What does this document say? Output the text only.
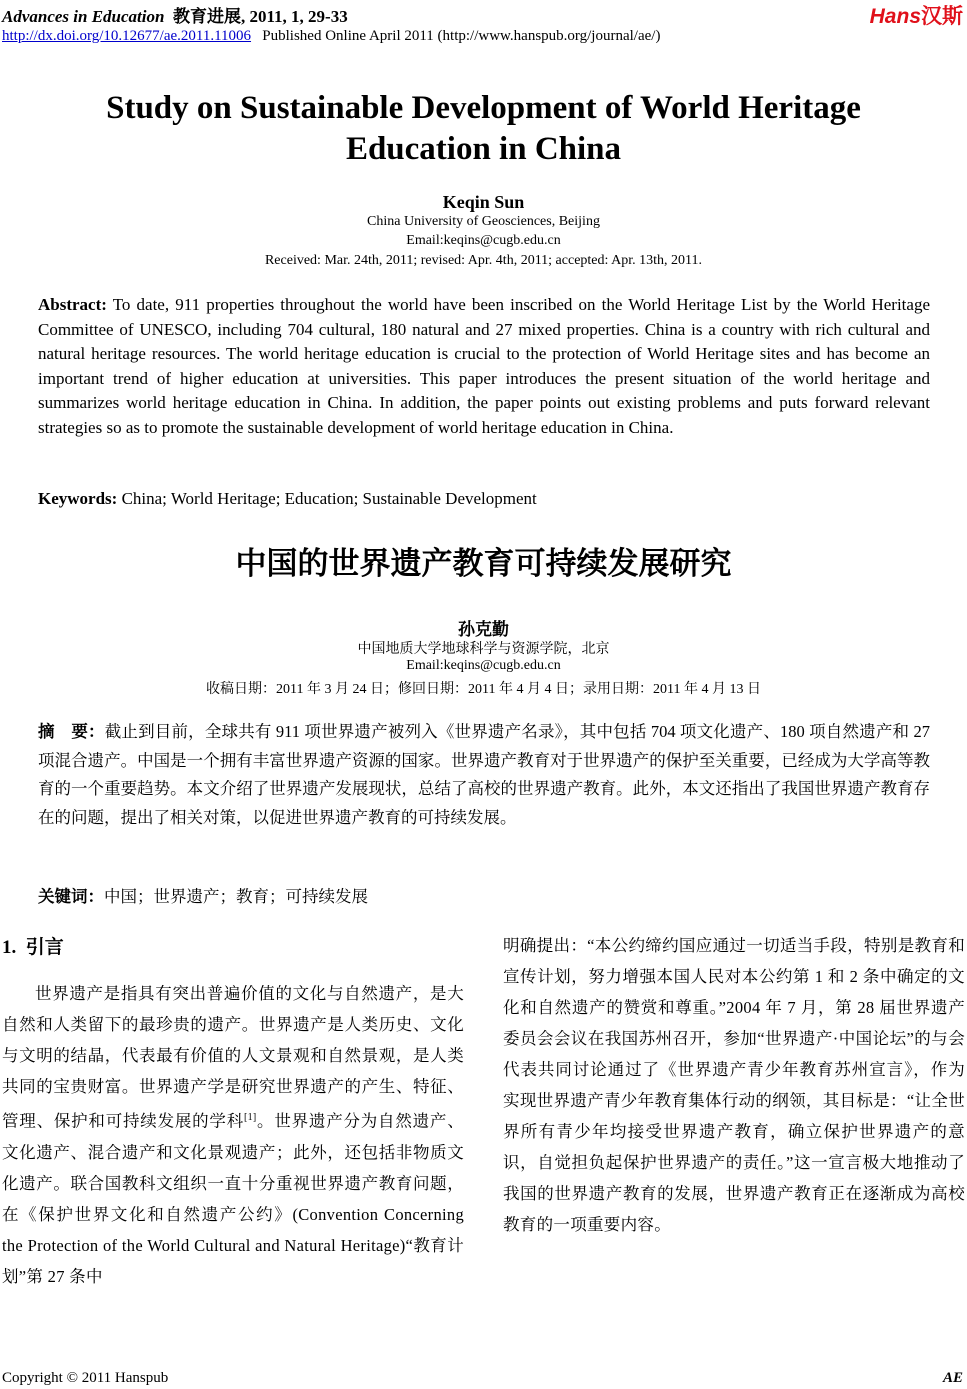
Advances in Education 教育进展, 2011, 1, 29-33
http://dx.doi.org/10.12677/ae.2011.11006 Published Online April 2011 (http://www.hanspub.org/journal/ae/)
Hans汉斯
Study on Sustainable Development of World Heritage
Education in China
Keqin Sun
China University of Geosciences, Beijing
Email:keqins@cugb.edu.cn
Received: Mar. 24th, 2011; revised: Apr. 4th, 2011; accepted: Apr. 13th, 2011.
Abstract: To date, 911 properties throughout the world have been inscribed on the World Heritage List by the World Heritage Committee of UNESCO, including 704 cultural, 180 natural and 27 mixed properties. China is a country with rich cultural and natural heritage resources. The world heritage education is crucial to the protection of World Heritage sites and has become an important trend of higher education at universities. This paper introduces the present situation of the world heritage and summarizes world heritage education in China. In addition, the paper points out existing problems and puts forward relevant strategies so as to promote the sustainable development of world heritage education in China.
Keywords: China; World Heritage; Education; Sustainable Development
中国的世界遗产教育可持续发展研究
孙克勤
中国地质大学地球科学与资源学院，北京
Email:keqins@cugb.edu.cn
收稿日期：2011 年 3 月 24 日；修回日期：2011 年 4 月 4 日；录用日期：2011 年 4 月 13 日
摘　要：截止到目前，全球共有 911 项世界遗产被列入《世界遗产名录》，其中包括 704 项文化遗产、180 项自然遗产和 27 项混合遗产。中国是一个拥有丰富世界遗产资源的国家。世界遗产教育对于世界遗产的保护至关重要，已经成为大学高等教育的一个重要趋势。本文介绍了世界遗产发展现状，总结了高校的世界遗产教育。此外，本文还指出了我国世界遗产教育存在的问题，提出了相关对策，以促进世界遗产教育的可持续发展。
关键词：中国；世界遗产；教育；可持续发展
1. 引言
世界遗产是指具有突出普遍价值的文化与自然遗产，是大自然和人类留下的最珍贵的遗产。世界遗产是人类历史、文化与文明的结晶，代表最有价值的人文景观和自然景观，是人类共同的宝贵财富。世界遗产学是研究世界遗产的产生、特征、管理、保护和可持续发展的学科[1]。世界遗产分为自然遗产、文化遗产、混合遗产和文化景观遗产；此外，还包括非物质文化遗产。联合国教科文组织一直十分重视世界遗产教育问题，在《保护世界文化和自然遗产公约》(Convention Concerning the Protection of the World Cultural and Natural Heritage)“教育计划”第 27 条中
明确提出：“本公约缔约国应通过一切适当手段，特别是教育和宣传计划，努力增强本国人民对本公约第 1 和 2 条中确定的文化和自然遗产的赞赏和尊重。”2004 年 7 月，第 28 届世界遗产委员会会议在我国苏州召开，参加“世界遗产·中国论坛”的与会代表共同讨论通过了《世界遗产青少年教育苏州宣言》，作为实现世界遗产青少年教育集体行动的纲领，其目标是：“让全世界所有青少年均接受世界遗产教育，确立保护世界遗产的意识，自觉担负起保护世界遗产的责任。”这一宣言极大地推动了我国的世界遗产教育的发展，世界遗产教育正在逐渐成为高校教育的一项重要内容。
Copyright © 2011 Hanspub	AE
